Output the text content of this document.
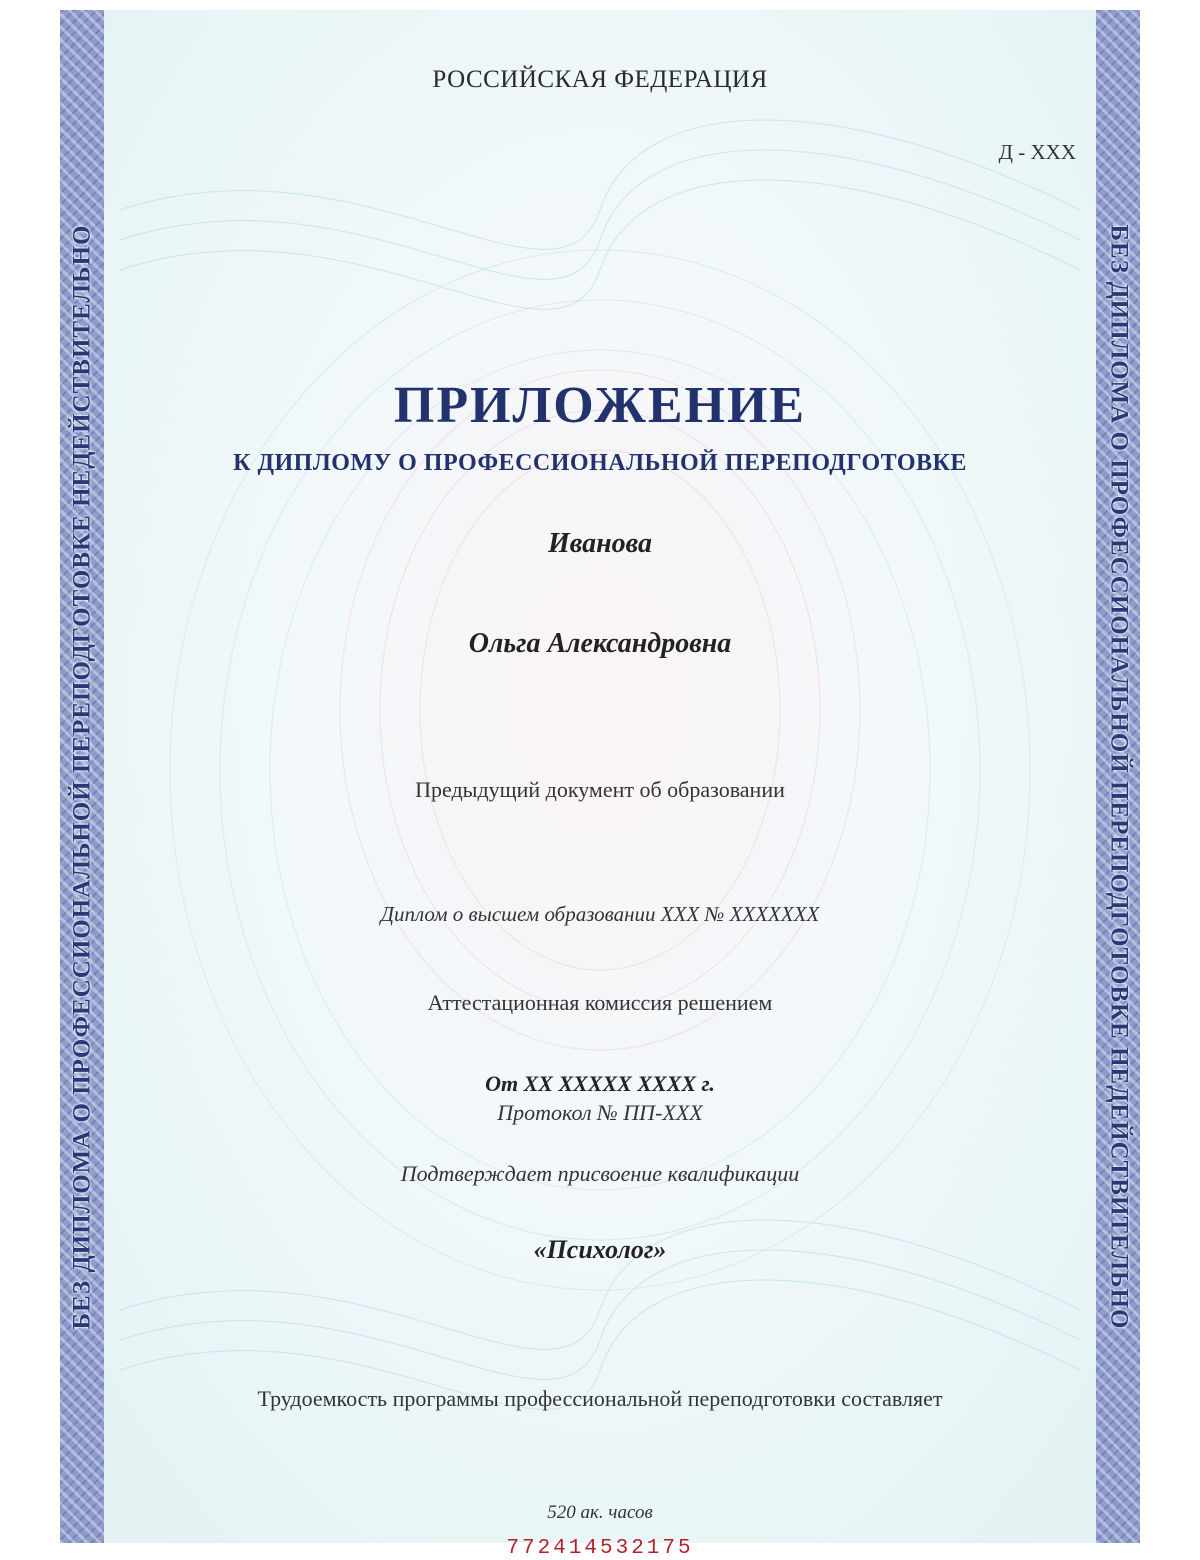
БЕЗ ДИПЛОМА О ПРОФЕССИОНАЛЬНОЙ ПЕРЕПОДГОТОВКЕ НЕДЕЙСТВИТЕЛЬНО	БЕЗ ДИПЛОМА О ПРОФЕССИОНАЛЬНОЙ ПЕРЕПОДГОТОВКЕ НЕДЕЙСТВИТЕЛЬНО
РОССИЙСКАЯ ФЕДЕРАЦИЯ
Д - XXX
ПРИЛОЖЕНИЕ
К ДИПЛОМУ О ПРОФЕССИОНАЛЬНОЙ ПЕРЕПОДГОТОВКЕ
Иванова
Ольга Александровна
Предыдущий документ об образовании
Диплом о высшем образовании XXX № XXXXXXX
Аттестационная комиссия решением
От XX XXXXX XXXX г.
Протокол № ПП-XXX
Подтверждает присвоение квалификации
«Психолог»
Трудоемкость программы профессиональной переподготовки составляет
520 ак. часов
772414532175
